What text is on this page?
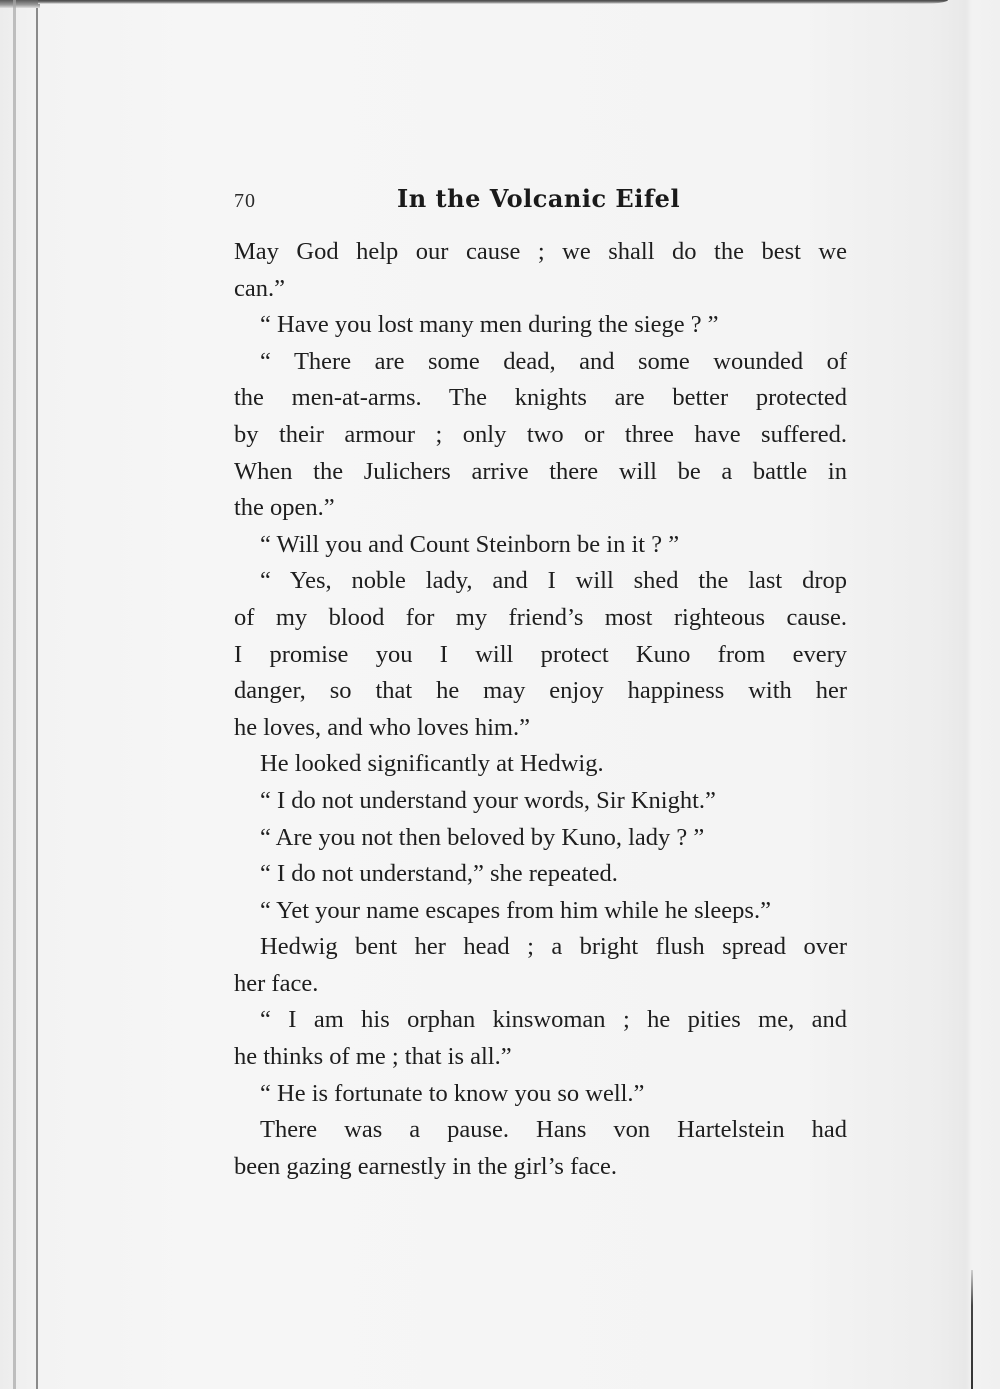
70	In the Volcanic Eifel
May God help our cause ; we shall do the best we
can.”
“ Have you lost many men during the siege ? ”
“ There are some dead, and some wounded of
the men-at-arms. The knights are better protected
by their armour ; only two or three have suffered.
When the Julichers arrive there will be a battle in
the open.”
“ Will you and Count Steinborn be in it ? ”
“ Yes, noble lady, and I will shed the last drop
of my blood for my friend’s most righteous cause.
I promise you I will protect Kuno from every
danger, so that he may enjoy happiness with her
he loves, and who loves him.”
He looked significantly at Hedwig.
“ I do not understand your words, Sir Knight.”
“ Are you not then beloved by Kuno, lady ? ”
“ I do not understand,” she repeated.
“ Yet your name escapes from him while he sleeps.”
Hedwig bent her head ; a bright flush spread over
her face.
“ I am his orphan kinswoman ; he pities me, and
he thinks of me ; that is all.”
“ He is fortunate to know you so well.”
There was a pause. Hans von Hartelstein had
been gazing earnestly in the girl’s face.
